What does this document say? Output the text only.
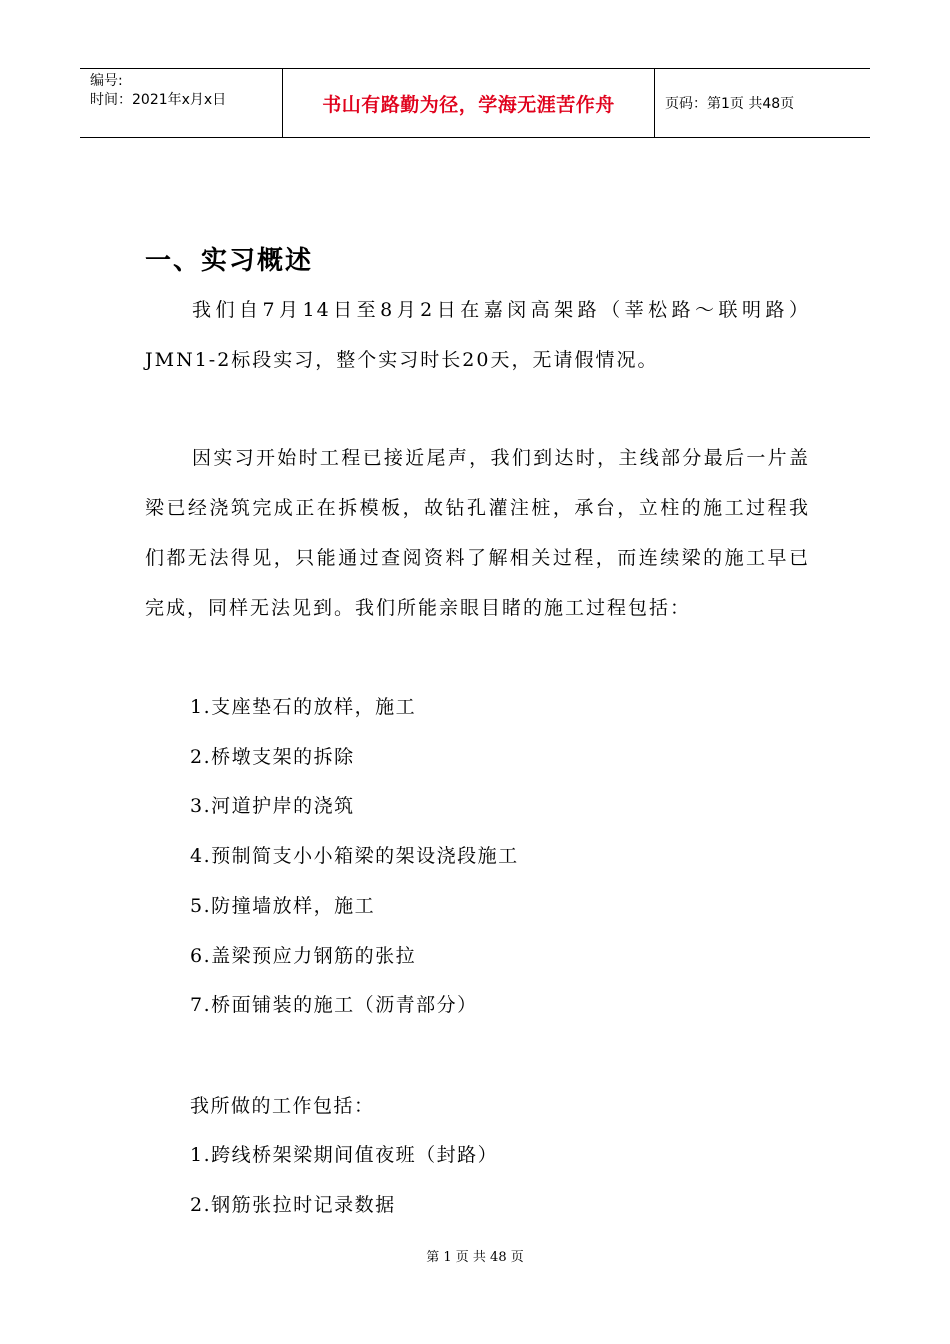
编号:
时间：2021年x月x日	书山有路勤为径，学海无涯苦作舟	页码：第1页 共48页
一、实习概述

我们自7月14日至8月2日在嘉闵高架路（莘松路～联明路）JMN1-2标段实习，整个实习时长20天，无请假情况。

因实习开始时工程已接近尾声，我们到达时，主线部分最后一片盖梁已经浇筑完成正在拆模板，故钻孔灌注桩，承台，立柱的施工过程我们都无法得见，只能通过查阅资料了解相关过程，而连续梁的施工早已完成，同样无法见到。我们所能亲眼目睹的施工过程包括：

1.支座垫石的放样，施工
2.桥墩支架的拆除
3.河道护岸的浇筑
4.预制简支小小箱梁的架设浇段施工
5.防撞墙放样，施工
6.盖梁预应力钢筋的张拉
7.桥面铺装的施工（沥青部分）
我所做的工作包括：
1.跨线桥架梁期间值夜班（封路）
2.钢筋张拉时记录数据
第 1 页 共 48 页
